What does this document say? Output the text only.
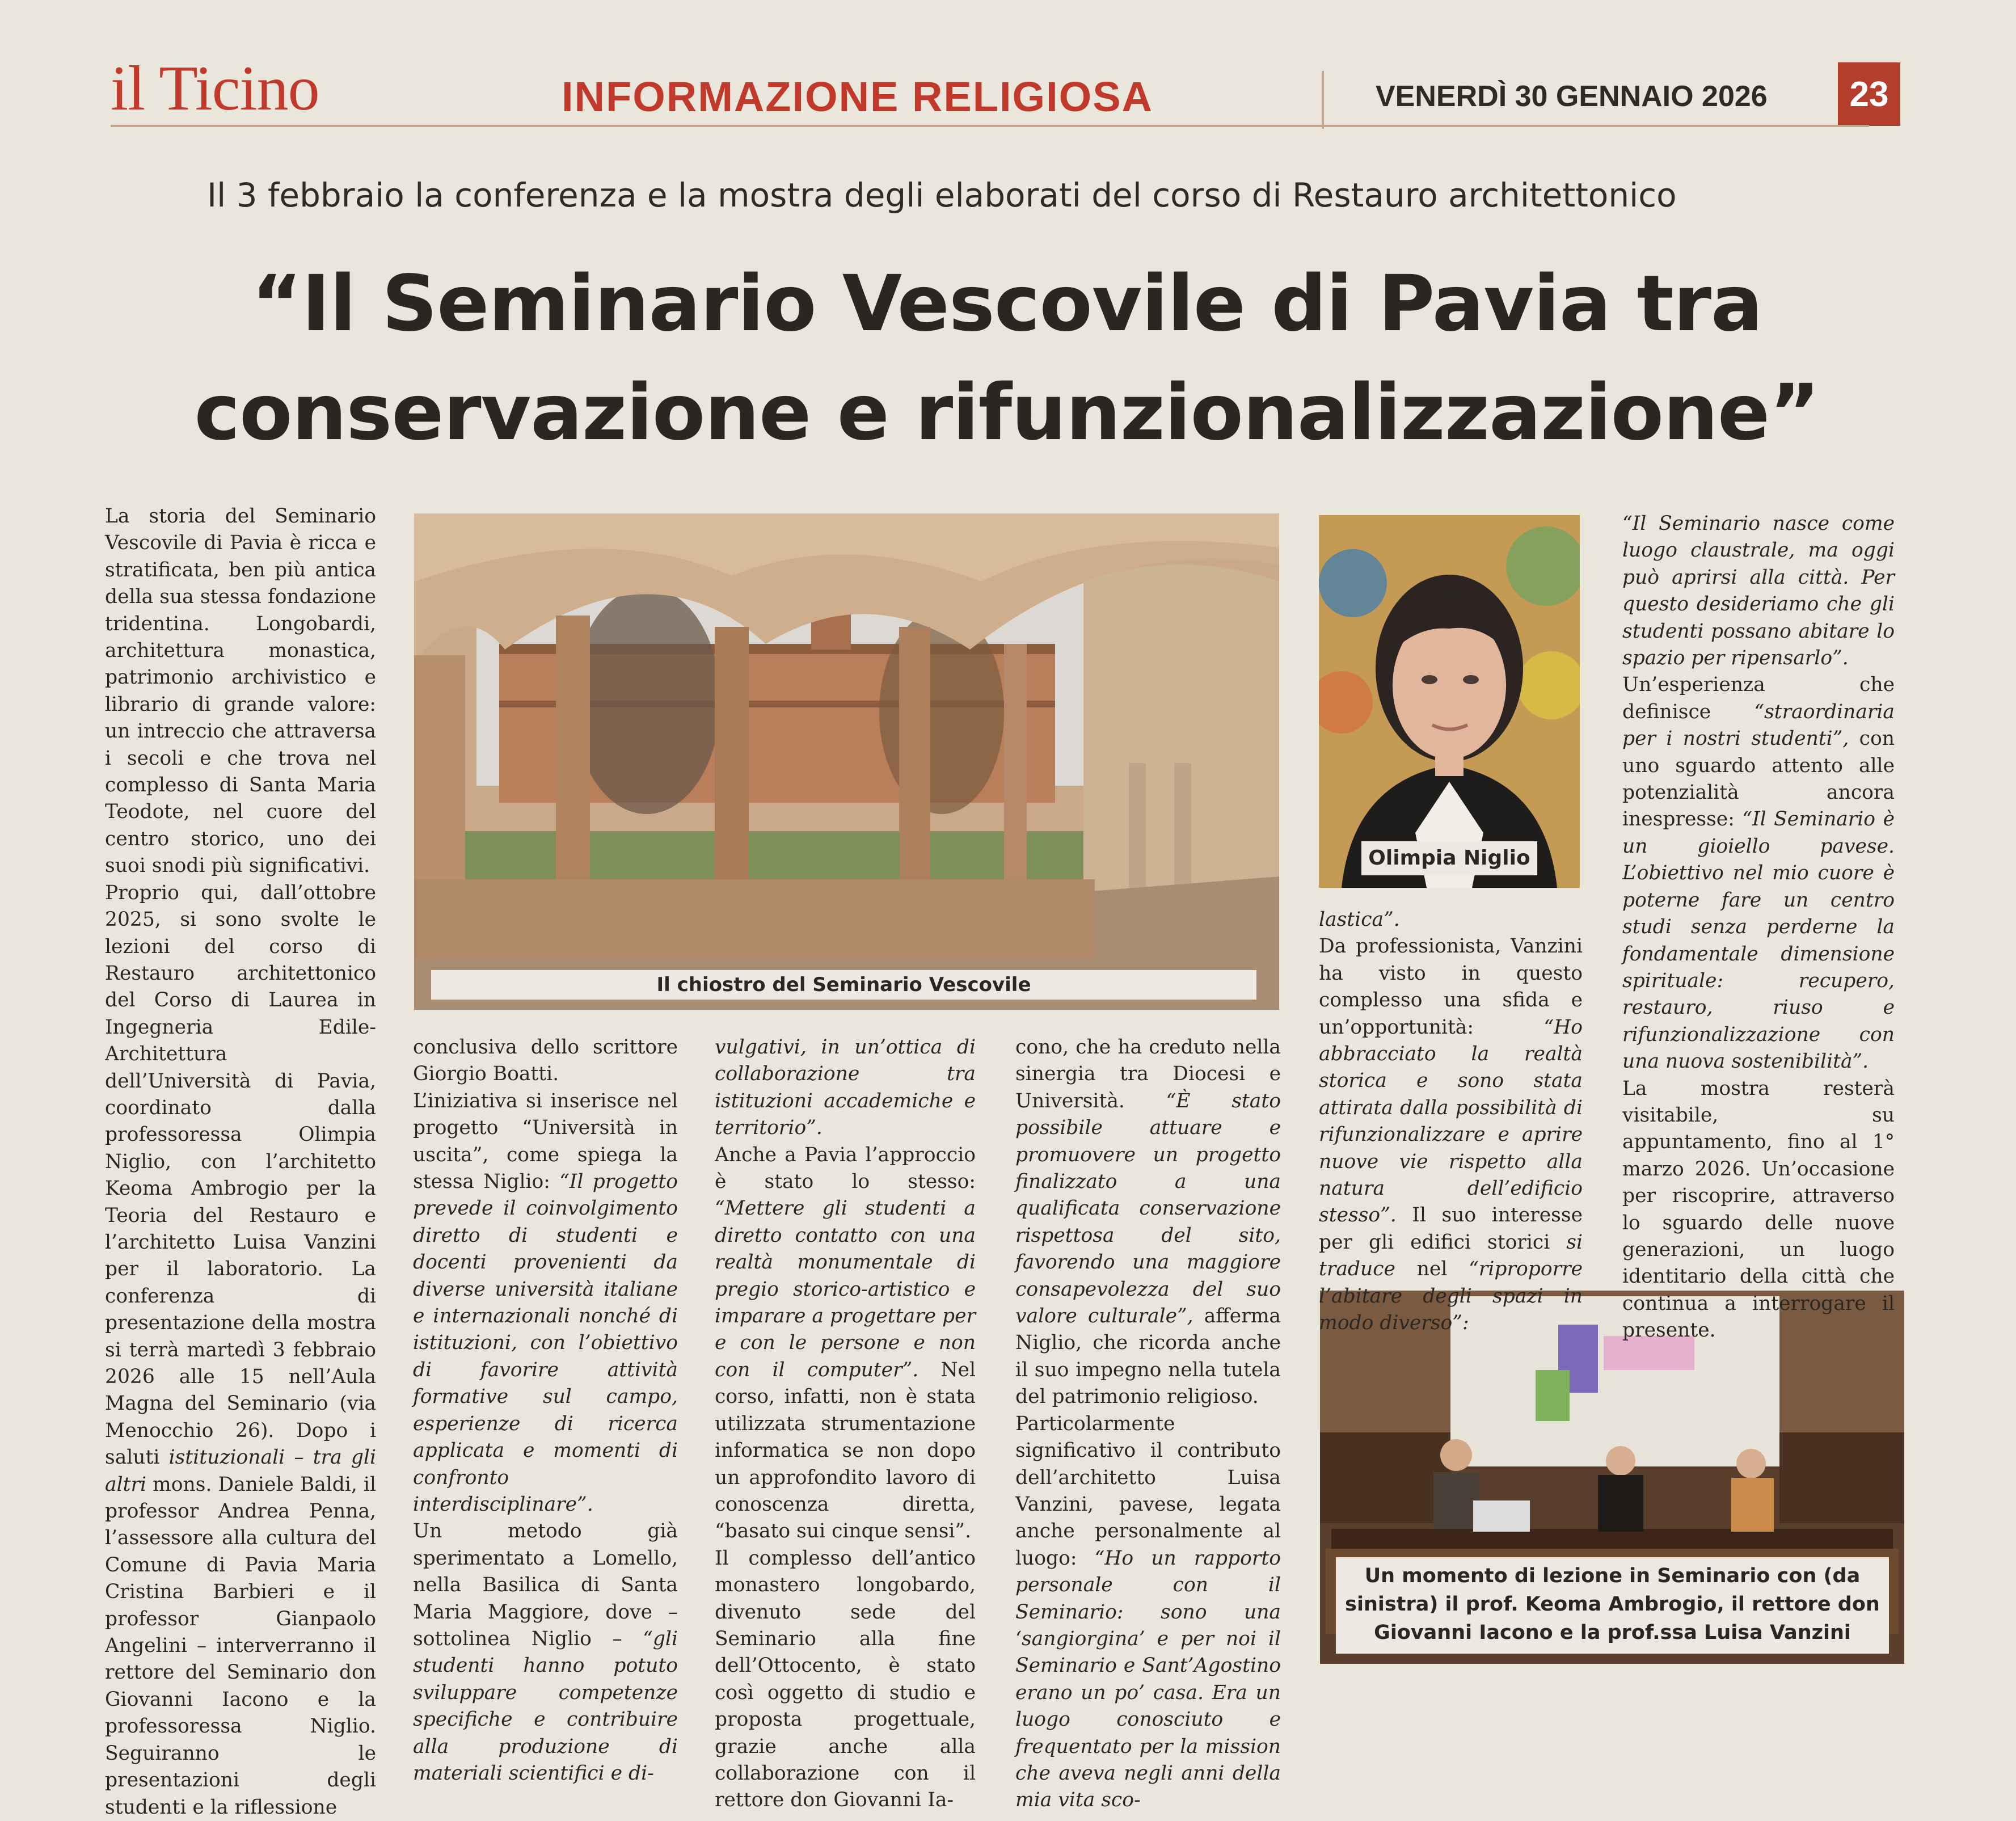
il Ticino	INFORMAZIONE RELIGIOSA	VENERDÌ 30 GENNAIO 2026	23
Il 3 febbraio la conferenza e la mostra degli elaborati del corso di Restauro architettonico
“Il Seminario Vescovile di Pavia tra conservazione e rifunzionalizzazione”
Il chiostro del Seminario Vescovile
Olimpia Niglio
Un momento di lezione in Seminario con (da sinistra) il prof. Keoma Ambrogio, il rettore don Giovanni Iacono e la prof.ssa Luisa Vanzini

La storia del Seminario Vescovile di Pavia è ricca e stratificata, ben più antica della sua stessa fondazione tridentina. Longobardi, architettura monastica, patrimonio archivistico e librario di grande valore: un intreccio che attraversa i secoli e che trova nel complesso di Santa Maria Teodote, nel cuore del centro storico, uno dei suoi snodi più significativi.

Proprio qui, dall’ottobre 2025, si sono svolte le lezioni del corso di Restauro architettonico del Corso di Laurea in Ingegneria Edile-Architettura dell’Università di Pavia, coordinato dalla professoressa Olimpia Niglio, con l’architetto Keoma Ambrogio per la Teoria del Restauro e l’architetto Luisa Vanzini per il laboratorio. La conferenza di presentazione della mostra si terrà martedì 3 febbraio 2026 alle 15 nell’Aula Magna del Seminario (via Menocchio 26). Dopo i saluti istituzionali – tra gli altri mons. Daniele Baldi, il professor Andrea Penna, l’assessore alla cultura del Comune di Pavia Maria Cristina Barbieri e il professor Gianpaolo Angelini – interverranno il rettore del Seminario don Giovanni Iacono e la professoressa Niglio. Seguiranno le presentazioni degli studenti e la riflessione

conclusiva dello scrittore Giorgio Boatti.

L’iniziativa si inserisce nel progetto “Università in uscita”, come spiega la stessa Niglio: “Il progetto prevede il coinvolgimento diretto di studenti e docenti provenienti da diverse università italiane e internazionali nonché di istituzioni, con l’obiettivo di favorire attività formative sul campo, esperienze di ricerca applicata e momenti di confronto interdisciplinare”.

Un metodo già sperimentato a Lomello, nella Basilica di Santa Maria Maggiore, dove – sottolinea Niglio – “gli studenti hanno potuto sviluppare competenze specifiche e contribuire alla produzione di materiali scientifici e di-

vulgativi, in un’ottica di collaborazione tra istituzioni accademiche e territorio”.

Anche a Pavia l’approccio è stato lo stesso: “Mettere gli studenti a diretto contatto con una realtà monumentale di pregio storico-artistico e imparare a progettare per e con le persone e non con il computer”. Nel corso, infatti, non è stata utilizzata strumentazione informatica se non dopo un approfondito lavoro di conoscenza diretta, “basato sui cinque sensi”.

Il complesso dell’antico monastero longobardo, divenuto sede del Seminario alla fine dell’Ottocento, è stato così oggetto di studio e proposta progettuale, grazie anche alla collaborazione con il rettore don Giovanni Ia-

cono, che ha creduto nella sinergia tra Diocesi e Università. “È stato possibile attuare e promuovere un progetto finalizzato a una qualificata conservazione rispettosa del sito, favorendo una maggiore consapevolezza del suo valore culturale”, afferma Niglio, che ricorda anche il suo impegno nella tutela del patrimonio religioso.

Particolarmente significativo il contributo dell’architetto Luisa Vanzini, pavese, legata anche personalmente al luogo: “Ho un rapporto personale con il Seminario: sono una ‘sangiorgina’ e per noi il Seminario e Sant’Agostino erano un po’ casa. Era un luogo conosciuto e frequentato per la mission che aveva negli anni della mia vita sco-

lastica”.

Da professionista, Vanzini ha visto in questo complesso una sfida e un’opportunità: “Ho abbracciato la realtà storica e sono stata attirata dalla possibilità di rifunzionalizzare e aprire nuove vie rispetto alla natura dell’edificio stesso”. Il suo interesse per gli edifici storici si traduce nel “riproporre l’abitare degli spazi in modo diverso”:

“Il Seminario nasce come luogo claustrale, ma oggi può aprirsi alla città. Per questo desideriamo che gli studenti possano abitare lo spazio per ripensarlo”.

Un’esperienza che definisce “straordinaria per i nostri studenti”, con uno sguardo attento alle potenzialità ancora inespresse: “Il Seminario è un gioiello pavese. L’obiettivo nel mio cuore è poterne fare un centro studi senza perderne la fondamentale dimensione spirituale: recupero, restauro, riuso e rifunzionalizzazione con una nuova sostenibilità”.

La mostra resterà visitabile, su appuntamento, fino al 1° marzo 2026. Un’occasione per riscoprire, attraverso lo sguardo delle nuove generazioni, un luogo identitario della città che continua a interrogare il presente.
